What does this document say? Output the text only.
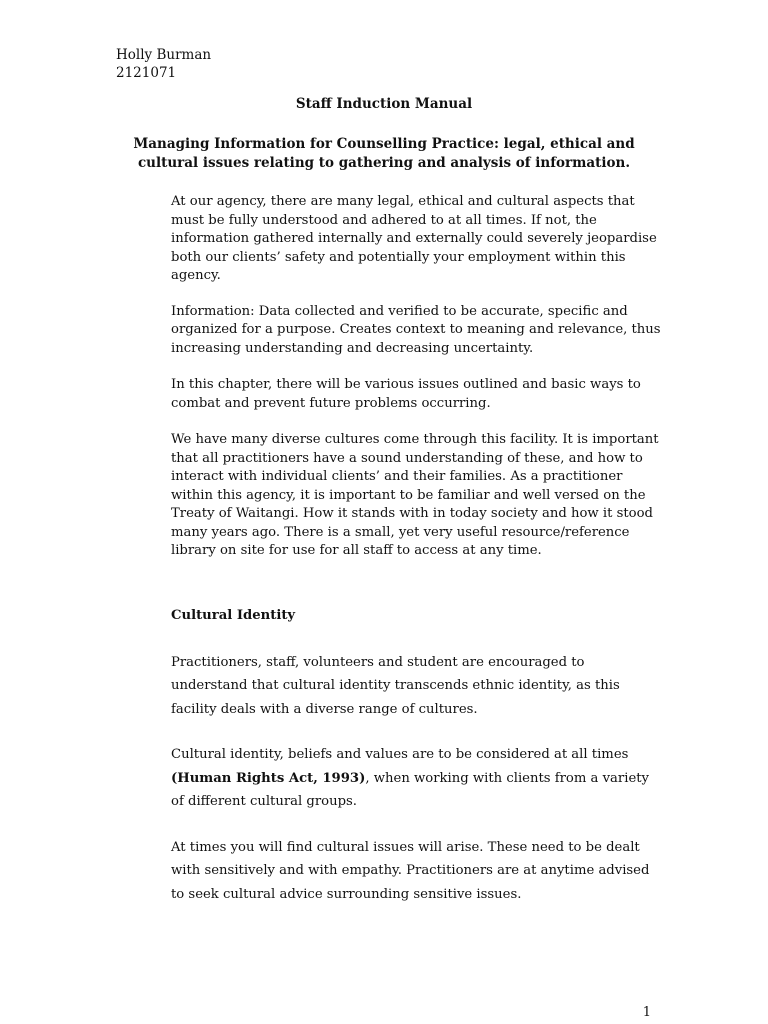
Holly Burman
2121071
Staff Induction Manual
Managing Information for Counselling Practice: legal, ethical and cultural issues relating to gathering and analysis of information.

At our agency, there are many legal, ethical and cultural aspects that must be fully understood and adhered to at all times. If not, the information gathered internally and externally could severely jeopardise both our clients’ safety and potentially your employment within this agency.

Information: Data collected and verified to be accurate, specific and organized for a purpose. Creates context to meaning and relevance, thus increasing understanding and decreasing uncertainty.

In this chapter, there will be various issues outlined and basic ways to combat and prevent future problems occurring.

We have many diverse cultures come through this facility. It is important that all practitioners have a sound understanding of these, and how to interact with individual clients’ and their families. As a practitioner within this agency, it is important to be familiar and well versed on the Treaty of Waitangi. How it stands with in today society and how it stood many years ago. There is a small, yet very useful resource/reference library on site for use for all staff to access at any time.

Cultural Identity

Practitioners, staff, volunteers and student are encouraged to understand that cultural identity transcends ethnic identity, as this facility deals with a diverse range of cultures.

Cultural identity, beliefs and values are to be considered at all times (Human Rights Act, 1993), when working with clients from a variety of different cultural groups.

At times you will find cultural issues will arise. These need to be dealt with sensitively and with empathy. Practitioners are at anytime advised to seek cultural advice surrounding sensitive issues.

1
